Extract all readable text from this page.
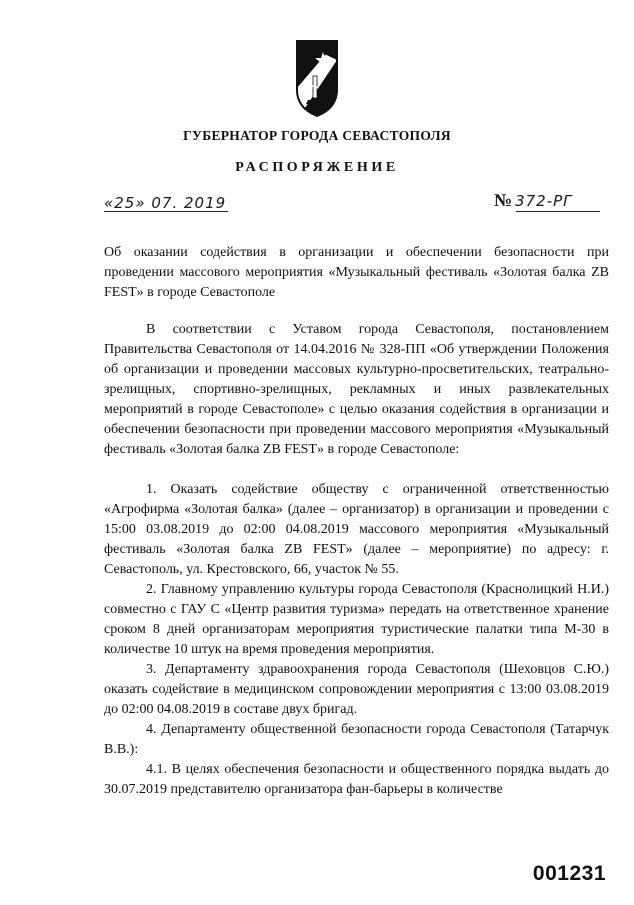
ГУБЕРНАТОР ГОРОДА СЕВАСТОПОЛЯ
РАСПОРЯЖЕНИЕ
«25» 07. 2019	№ 372-РГ
Об оказании содействия в организации и обеспечении безопасности при проведении массового мероприятия «Музыкальный фестиваль «Золотая балка ZB FEST» в городе Севастополе

В соответствии с Уставом города Севастополя, постановлением Правительства Севастополя от 14.04.2016 № 328-ПП «Об утверждении Положения об организации и проведении массовых культурно-просветительских, театрально-зрелищных, спортивно-зрелищных, рекламных и иных развлекательных мероприятий в городе Севастополе» с целью оказания содействия в организации и обеспечении безопасности при проведении массового мероприятия «Музыкальный фестиваль «Золотая балка ZB FEST» в городе Севастополе:

1. Оказать содействие обществу с ограниченной ответственностью «Агрофирма «Золотая балка» (далее – организатор) в организации и проведении с 15:00 03.08.2019 до 02:00 04.08.2019 массового мероприятия «Музыкальный фестиваль «Золотая балка ZB FEST» (далее – мероприятие) по адресу: г. Севастополь, ул. Крестовского, 66, участок № 55.

2. Главному управлению культуры города Севастополя (Краснолицкий Н.И.) совместно с ГАУ С «Центр развития туризма» передать на ответственное хранение сроком 8 дней организаторам мероприятия туристические палатки типа М-30 в количестве 10 штук на время проведения мероприятия.

3. Департаменту здравоохранения города Севастополя (Шеховцов С.Ю.) оказать содействие в медицинском сопровождении мероприятия с 13:00 03.08.2019 до 02:00 04.08.2019 в составе двух бригад.

4. Департаменту общественной безопасности города Севастополя (Татарчук В.В.):

4.1. В целях обеспечения безопасности и общественного порядка выдать до 30.07.2019 представителю организатора фан-барьеры в количестве

001231
